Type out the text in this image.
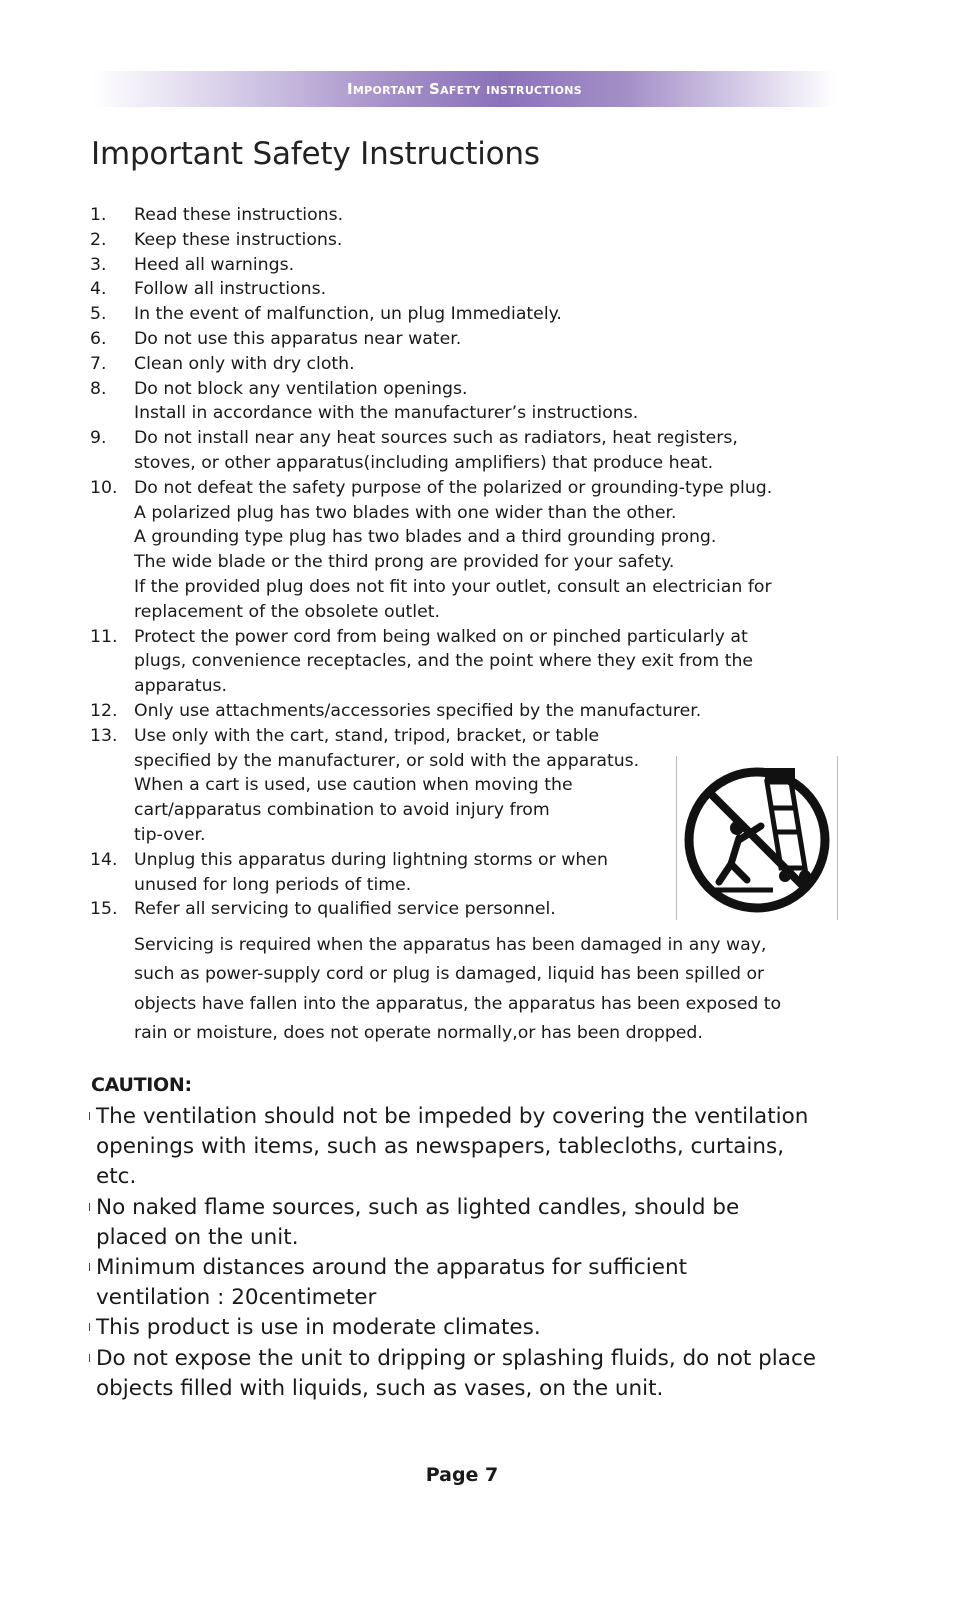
Important Safety instructions
Important Safety Instructions
1.	Read these instructions.
2.	Keep these instructions.
3.	Heed all warnings.
4.	Follow all instructions.
5.	In the event of malfunction, un plug Immediately.
6.	Do not use this apparatus near water.
7.	Clean only with dry cloth.
8.	Do not block any ventilation openings.
Install in accordance with the manufacturer’s instructions.
9.	Do not install near any heat sources such as radiators, heat registers,
stoves, or other apparatus(including amplifiers) that produce heat.
10. Do not defeat the safety purpose of the polarized or grounding-type plug.
A polarized plug has two blades with one wider than the other.
A grounding type plug has two blades and a third grounding prong.
The wide blade or the third prong are provided for your safety.
If the provided plug does not fit into your outlet, consult an electrician for
replacement of the obsolete outlet.
11. Protect the power cord from being walked on or pinched particularly at
plugs, convenience receptacles, and the point where they exit from the
apparatus.
12. Only use attachments/accessories specified by the manufacturer.
13. Use only with the cart, stand, tripod, bracket, or table
specified by the manufacturer, or sold with the apparatus.
When a cart is used, use caution when moving the
cart/apparatus combination to avoid injury from
tip-over.
14. Unplug this apparatus during lightning storms or when
unused for long periods of time.
15. Refer all servicing to qualified service personnel.
Servicing is required when the apparatus has been damaged in any way,
such as power-supply cord or plug is damaged, liquid has been spilled or
objects have fallen into the apparatus, the apparatus has been exposed to
rain or moisture, does not operate normally,or has been dropped.
CAUTION:
l The ventilation should not be impeded by covering the ventilation
openings with items, such as newspapers, tablecloths, curtains,
etc.
l No naked flame sources, such as lighted candles, should be
placed on the unit.
l Minimum distances around the apparatus for sufficient
ventilation : 20centimeter
l This product is use in moderate climates.
l Do not expose the unit to dripping or splashing fluids, do not place
objects filled with liquids, such as vases, on the unit.
Page 7
